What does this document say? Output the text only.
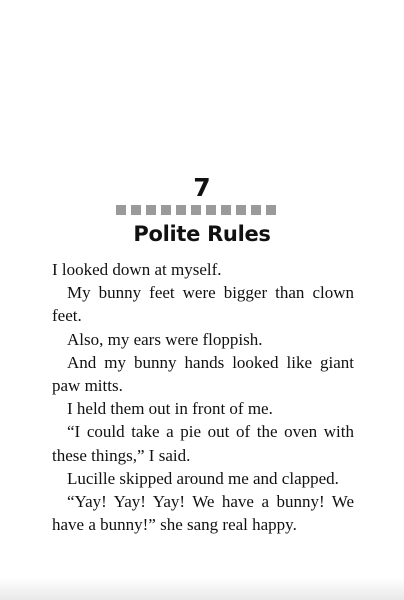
7
Polite Rules

I looked down at myself.

My bunny feet were bigger than clown feet.

Also, my ears were floppish.

And my bunny hands looked like giant paw mitts.

I held them out in front of me.

“I could take a pie out of the oven with these things,” I said.

Lucille skipped around me and clapped.

“Yay! Yay! Yay! We have a bunny! We have a bunny!” she sang real happy.
